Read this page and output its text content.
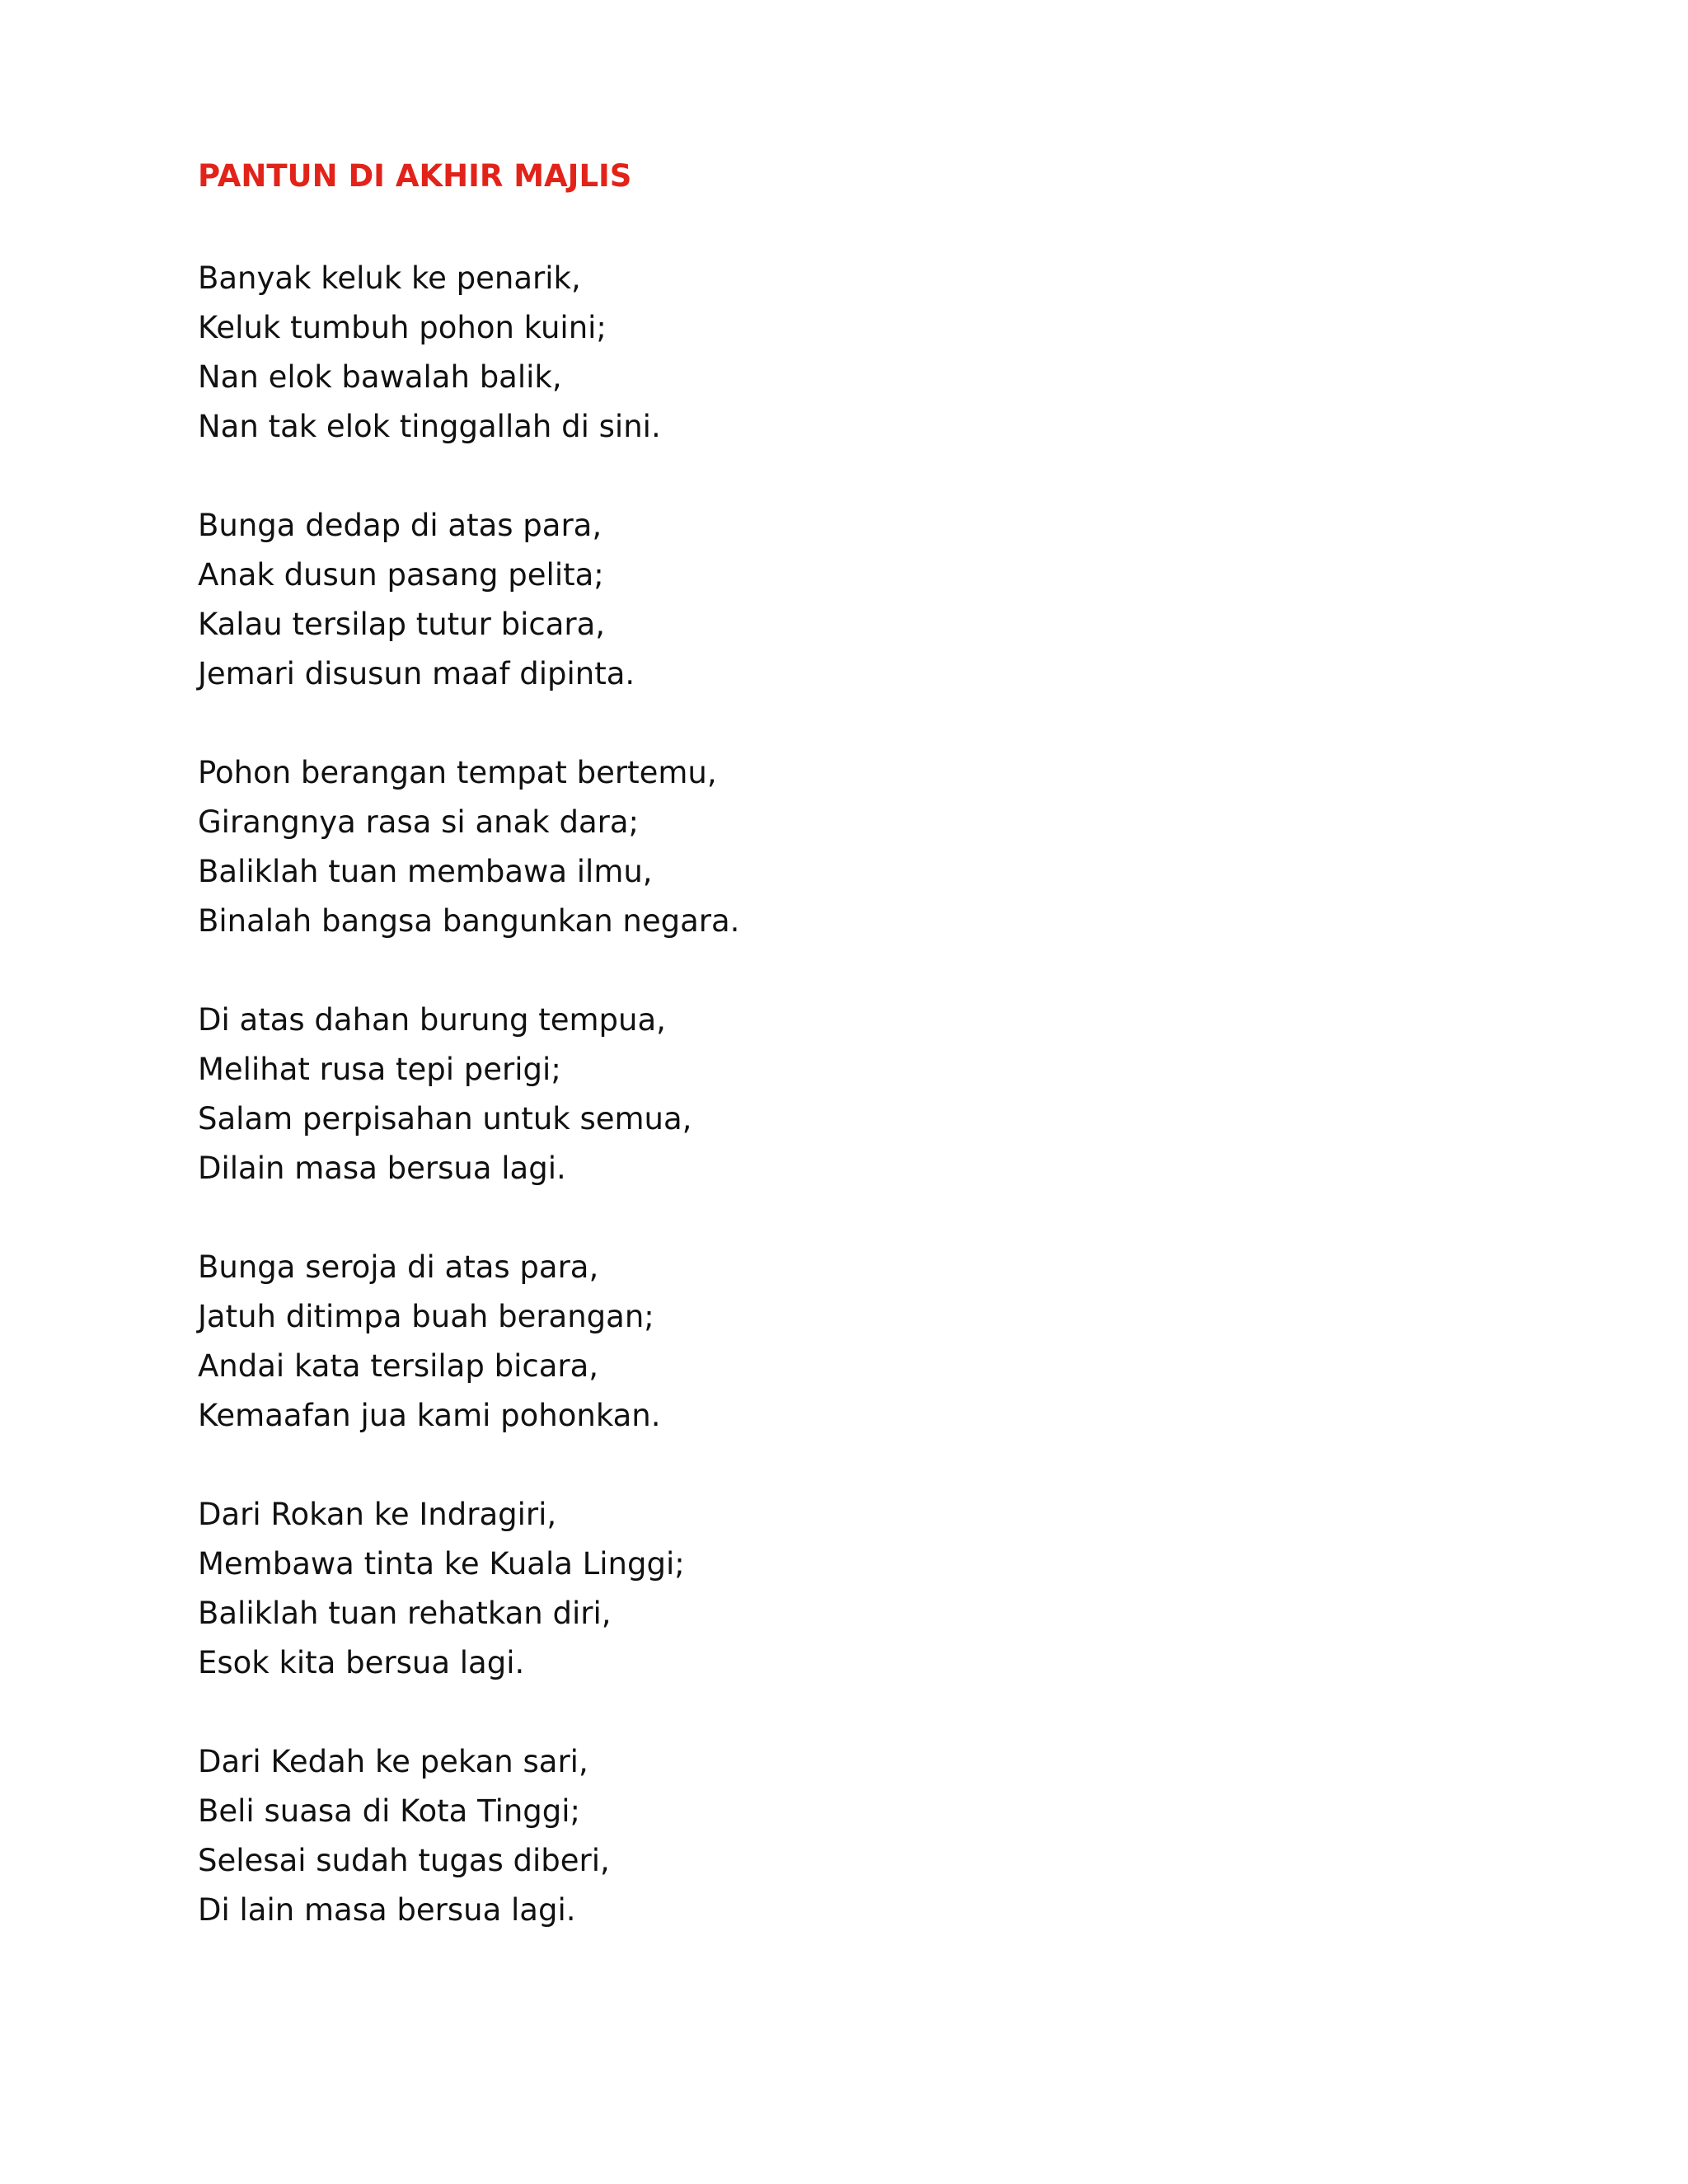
PANTUN DI AKHIR MAJLIS
Banyak keluk ke penarik,
Keluk tumbuh pohon kuini;
Nan elok bawalah balik,
Nan tak elok tinggallah di sini.
Bunga dedap di atas para,
Anak dusun pasang pelita;
Kalau tersilap tutur bicara,
Jemari disusun maaf dipinta.
Pohon berangan tempat bertemu,
Girangnya rasa si anak dara;
Baliklah tuan membawa ilmu,
Binalah bangsa bangunkan negara.
Di atas dahan burung tempua,
Melihat rusa tepi perigi;
Salam perpisahan untuk semua,
Dilain masa bersua lagi.
Bunga seroja di atas para,
Jatuh ditimpa buah berangan;
Andai kata tersilap bicara,
Kemaafan jua kami pohonkan.
Dari Rokan ke Indragiri,
Membawa tinta ke Kuala Linggi;
Baliklah tuan rehatkan diri,
Esok kita bersua lagi.
Dari Kedah ke pekan sari,
Beli suasa di Kota Tinggi;
Selesai sudah tugas diberi,
Di lain masa bersua lagi.
